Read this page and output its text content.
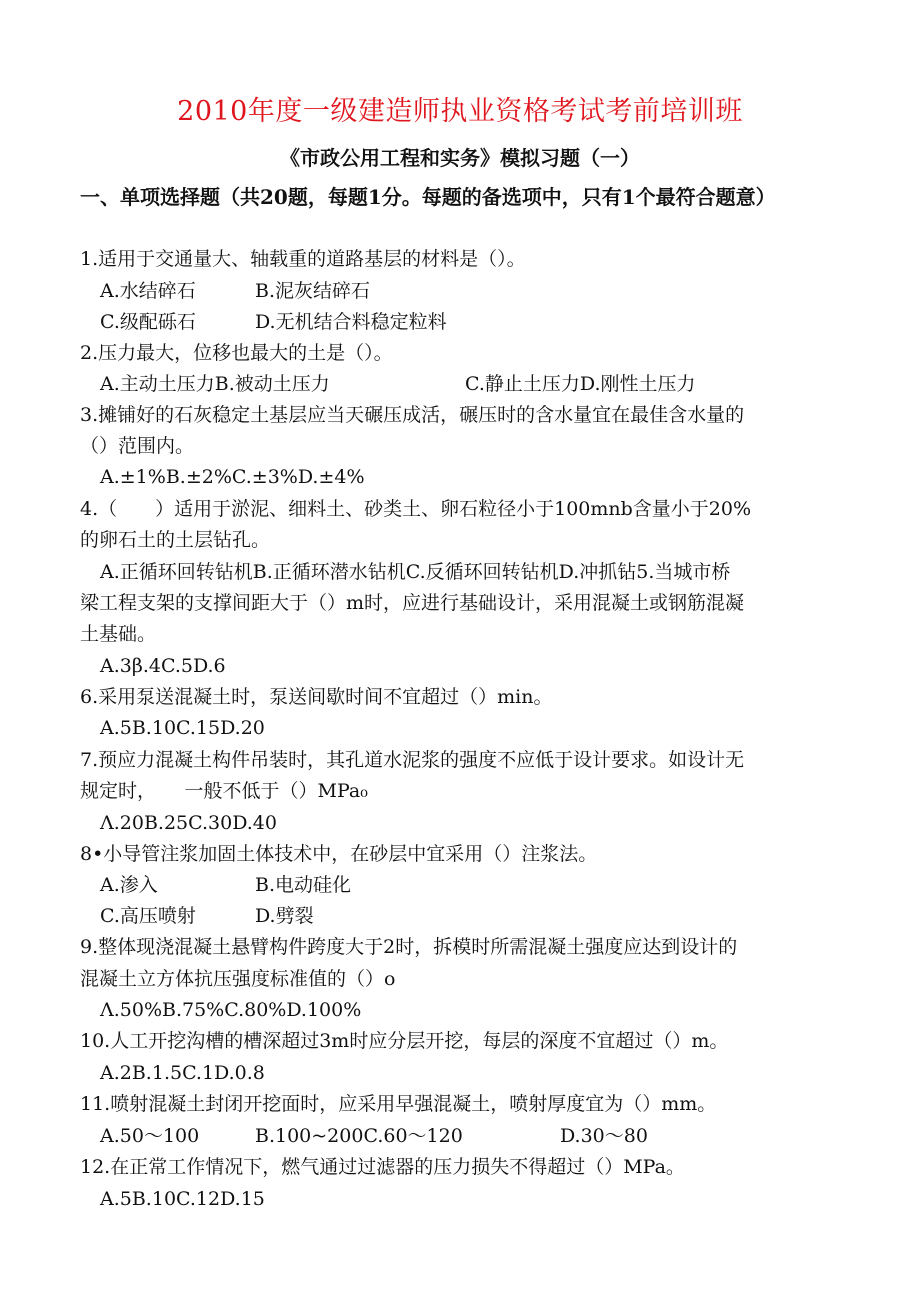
2010年度一级建造师执业资格考试考前培训班
《市政公用工程和实务》模拟习题（一）
一、单项选择题（共20题，每题1分。每题的备选项中，只有1个最符合题意）
1.适用于交通量大、轴载重的道路基层的材料是（）。
A.水结碎石	B.泥灰结碎石
C.级配砾石	D.无机结合料稳定粒料
2.压力最大，位移也最大的土是（）。
A.主动土压力B.被动土压力	C.静止土压力D.刚性土压力
3.摊铺好的石灰稳定土基层应当天碾压成活，碾压时的含水量宜在最佳含水量的
（）范围内。
A.±1%B.±2%C.±3%D.±4%
4.（　　）适用于淤泥、细料土、砂类土、卵石粒径小于100mnb含量小于20%
的卵石土的土层钻孔。
A.正循环回转钻机B.正循环潜水钻机C.反循环回转钻机D.冲抓钻5.当城市桥
梁工程支架的支撑间距大于（）m时，应进行基础设计，采用混凝土或钢筋混凝
土基础。
A.3β.4C.5D.6
6.采用泵送混凝土时，泵送间歇时间不宜超过（）min。
A.5B.10C.15D.20
7.预应力混凝土构件吊装时，其孔道水泥浆的强度不应低于设计要求。如设计无
规定时，　　一般不低于（）MPa₀
Λ.20B.25C.30D.40
8•小导管注浆加固土体技术中，在砂层中宜采用（）注浆法。
A.渗入	B.电动硅化
C.高压喷射	D.劈裂
9.整体现浇混凝土悬臂构件跨度大于2时，拆模时所需混凝土强度应达到设计的
混凝土立方体抗压强度标准值的（）o
Λ.50%B.75%C.80%D.100%
10.人工开挖沟槽的槽深超过3m时应分层开挖，每层的深度不宜超过（）m。
A.2B.1.5C.1D.0.8
11.喷射混凝土封闭开挖面时，应采用早强混凝土，喷射厚度宜为（）mm。
A.50～100	B.100~200C.60～120	D.30～80
12.在正常工作情况下，燃气通过过滤器的压力损失不得超过（）MPa。
A.5B.10C.12D.15
